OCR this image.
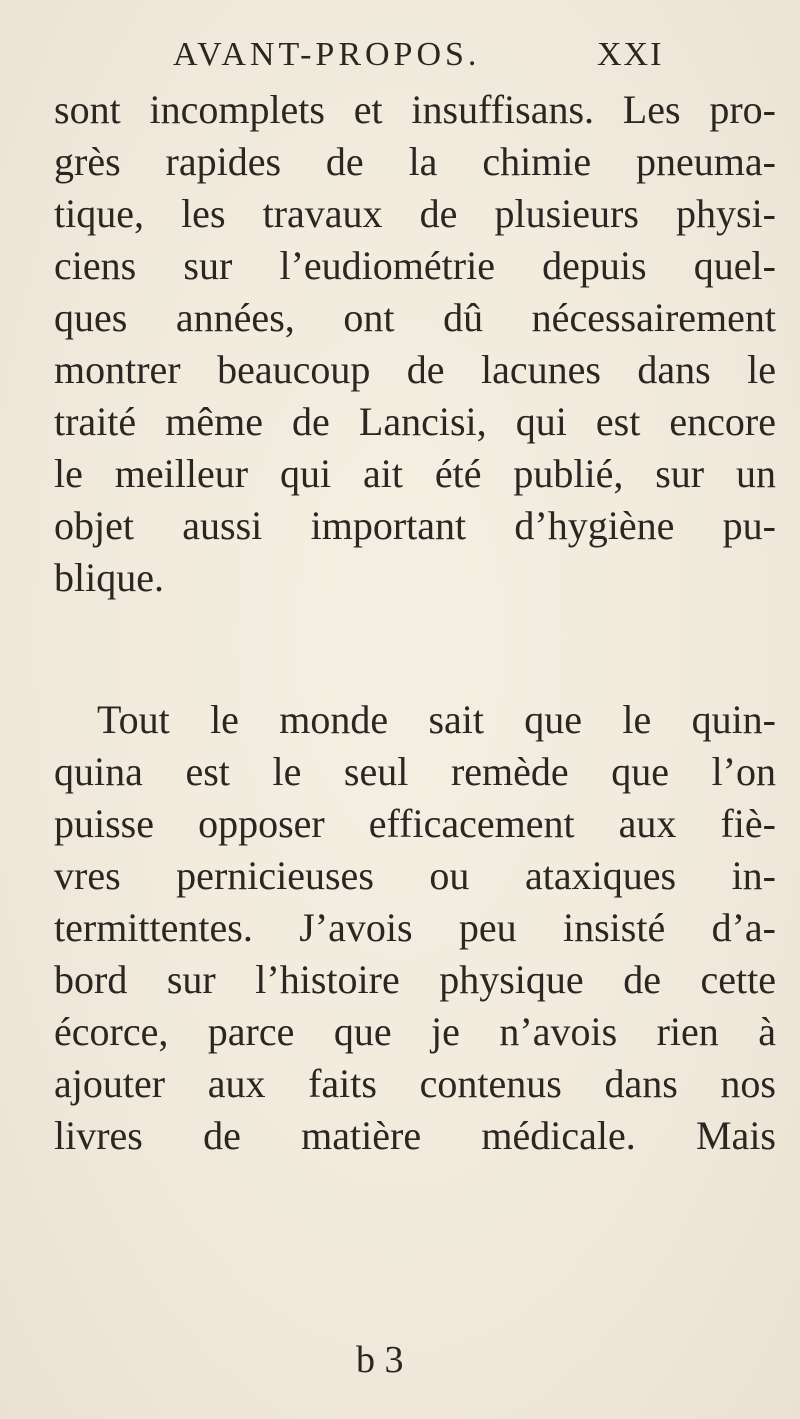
AVANT-PROPOS.	XXI
sont incomplets et insuffisans. Les pro-
grès rapides de la chimie pneuma-
tique, les travaux de plusieurs physi-
ciens sur l’eudiométrie depuis quel-
ques années, ont dû nécessairement
montrer beaucoup de lacunes dans le
traité même de Lancisi, qui est encore
le meilleur qui ait été publié, sur un
objet aussi important d’hygiène pu-
blique.
Tout le monde sait que le quin-
quina est le seul remède que l’on
puisse opposer efficacement aux fiè-
vres pernicieuses ou ataxiques in-
termittentes. J’avois peu insisté d’a-
bord sur l’histoire physique de cette
écorce, parce que je n’avois rien à
ajouter aux faits contenus dans nos
livres de matière médicale. Mais
b 3
